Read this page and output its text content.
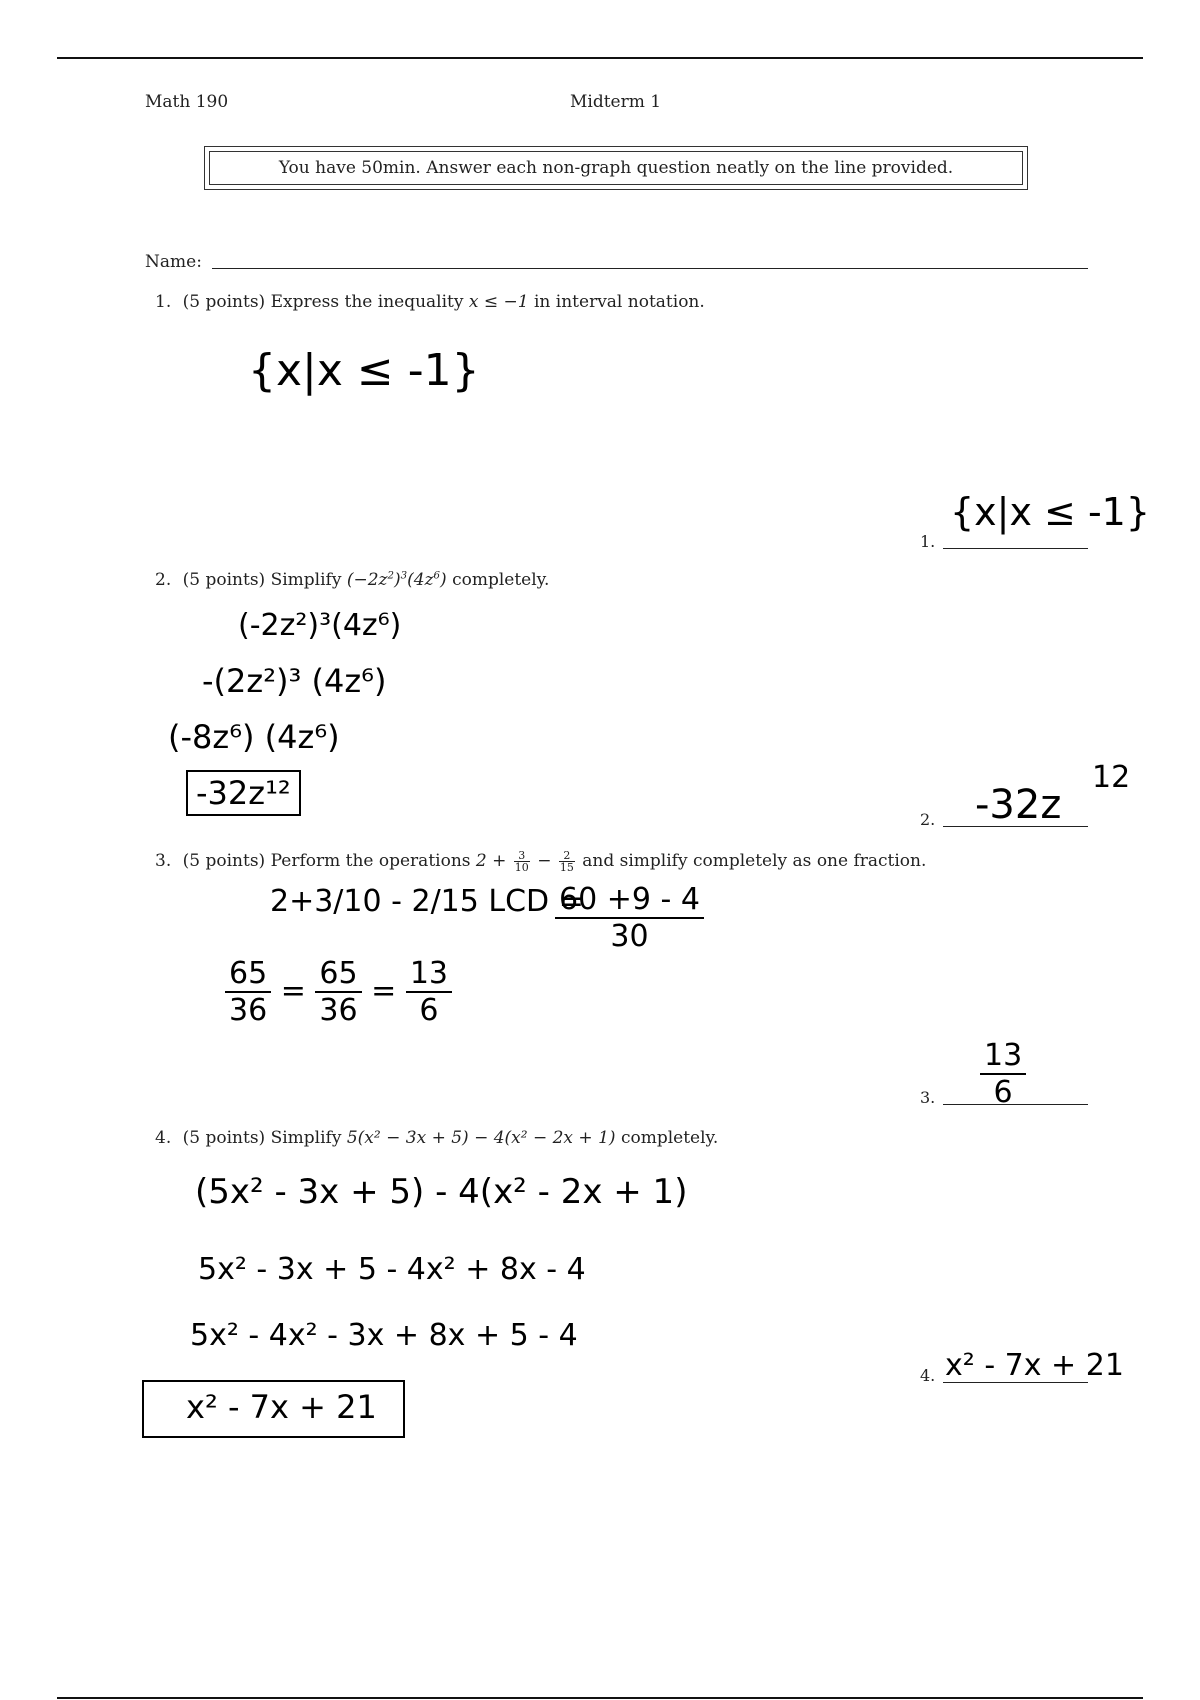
Math 190	Midterm 1
You have 50min. Answer each non-graph question neatly on the line provided.
Name:
1. (5 points) Express the inequality x ≤ −1 in interval notation.
{x|x ≤ -1}
1.
{x|x ≤ -1}
2. (5 points) Simplify $(-2z^2)^3(4z^6)$ completely.
(-2z²)³(4z⁶)
-(2z²)³ (4z⁶)
(-8z⁶) (4z⁶)
-32z¹²
2. -32z
12
3. (5 points) Perform the operations $2 + \frac{3}{10} - \frac{2}{15}$ and simplify completely as one fraction.
2+3/10 - 2/15 LCD =
$\frac{60 +9 - 4}{30}$
$\frac{65}{36} = \frac{65}{36} = \frac{13}{6}$
3. $\frac{13}{6}$
4. (5 points) Simplify 5(x² − 3x + 5) − 4(x² − 2x + 1) completely.
(5x² - 3x + 5) - 4(x² - 2x + 1)
5x² - 3x + 5 - 4x² + 8x - 4
5x² - 4x² - 3x + 8x + 5 - 4
x² - 7x + 21
4. x² - 7x + 21
